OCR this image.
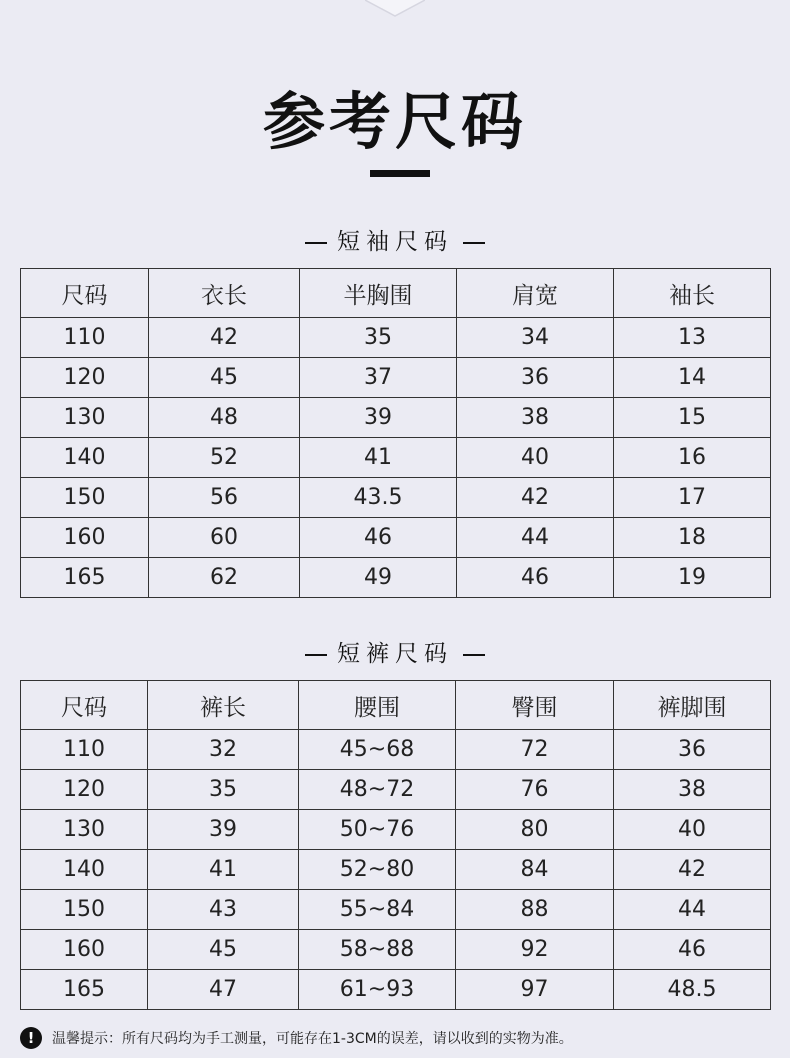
参考尺码
短袖尺码
尺码	衣长	半胸围	肩宽	袖长
110	42	35	34	13
120	45	37	36	14
130	48	39	38	15
140	52	41	40	16
150	56	43.5	42	17
160	60	46	44	18
165	62	49	46	19
短裤尺码
尺码	裤长	腰围	臀围	裤脚围
110	32	45~68	72	36
120	35	48~72	76	38
130	39	50~76	80	40
140	41	52~80	84	42
150	43	55~84	88	44
160	45	58~88	92	46
165	47	61~93	97	48.5
!	温馨提示：所有尺码均为手工测量，可能存在1-3CM的误差，请以收到的实物为准。
